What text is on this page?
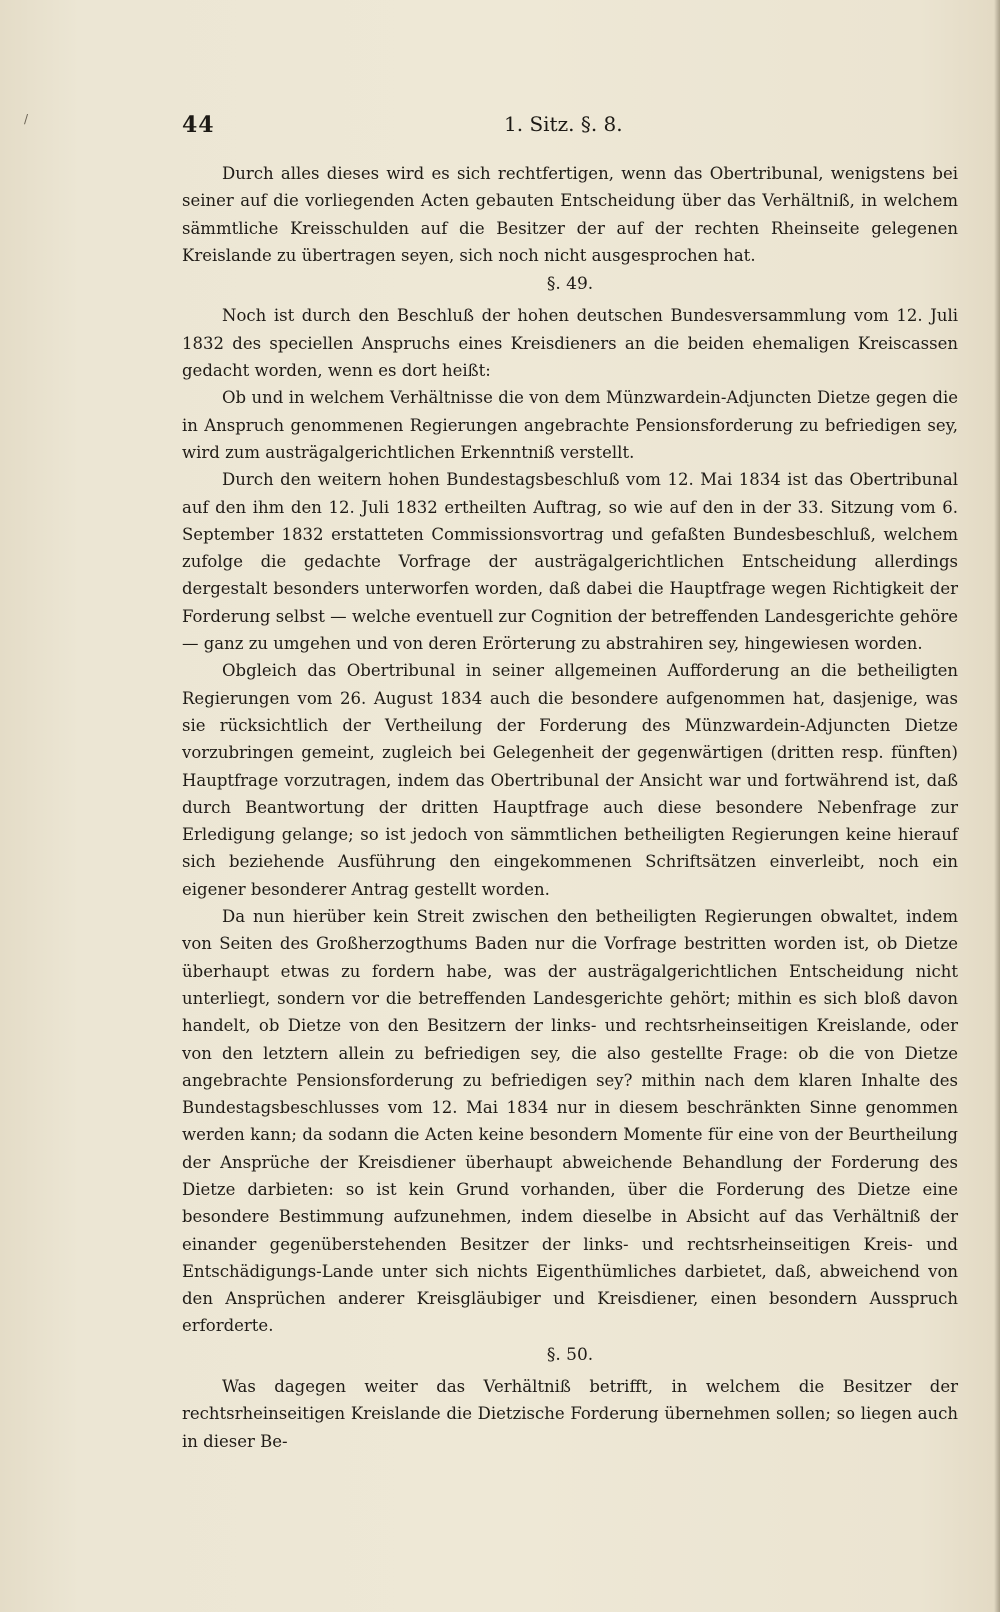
/	44	1. Sitz. §. 8.

Durch alles dieses wird es sich rechtfertigen, wenn das Obertribunal, wenigstens bei seiner auf die vorliegenden Acten gebauten Entscheidung über das Verhältniß, in welchem sämmtliche Kreisschulden auf die Besitzer der auf der rechten Rheinseite gelegenen Kreislande zu übertragen seyen, sich noch nicht ausgesprochen hat.

§. 49.

Noch ist durch den Beschluß der hohen deutschen Bundesversammlung vom 12. Juli 1832 des speciellen Anspruchs eines Kreisdieners an die beiden ehemaligen Kreiscassen gedacht worden, wenn es dort heißt:

Ob und in welchem Verhältnisse die von dem Münzwardein-Adjuncten Dietze gegen die in Anspruch genommenen Regierungen angebrachte Pensionsforderung zu befriedigen sey, wird zum austrägalgerichtlichen Erkenntniß verstellt.

Durch den weitern hohen Bundestagsbeschluß vom 12. Mai 1834 ist das Obertribunal auf den ihm den 12. Juli 1832 ertheilten Auftrag, so wie auf den in der 33. Sitzung vom 6. September 1832 erstatteten Commissionsvortrag und gefaßten Bundesbeschluß, welchem zufolge die gedachte Vorfrage der austrägalgerichtlichen Entscheidung allerdings dergestalt besonders unterworfen worden, daß dabei die Hauptfrage wegen Richtigkeit der Forderung selbst — welche eventuell zur Cognition der betreffenden Landesgerichte gehöre — ganz zu umgehen und von deren Erörterung zu abstrahiren sey, hingewiesen worden.

Obgleich das Obertribunal in seiner allgemeinen Aufforderung an die betheiligten Regierungen vom 26. August 1834 auch die besondere aufgenommen hat, dasjenige, was sie rücksichtlich der Vertheilung der Forderung des Münzwardein-Adjuncten Dietze vorzubringen gemeint, zugleich bei Gelegenheit der gegenwärtigen (dritten resp. fünften) Hauptfrage vorzutragen, indem das Obertribunal der Ansicht war und fortwährend ist, daß durch Beantwortung der dritten Hauptfrage auch diese besondere Nebenfrage zur Erledigung gelange; so ist jedoch von sämmtlichen betheiligten Regierungen keine hierauf sich beziehende Ausführung den eingekommenen Schriftsätzen einverleibt, noch ein eigener besonderer Antrag gestellt worden.

Da nun hierüber kein Streit zwischen den betheiligten Regierungen obwaltet, indem von Seiten des Großherzogthums Baden nur die Vorfrage bestritten worden ist, ob Dietze überhaupt etwas zu fordern habe, was der austrägalgerichtlichen Entscheidung nicht unterliegt, sondern vor die betreffenden Landesgerichte gehört; mithin es sich bloß davon handelt, ob Dietze von den Besitzern der links- und rechtsrheinseitigen Kreislande, oder von den letztern allein zu befriedigen sey, die also gestellte Frage: ob die von Dietze angebrachte Pensionsforderung zu befriedigen sey? mithin nach dem klaren Inhalte des Bundestagsbeschlusses vom 12. Mai 1834 nur in diesem beschränkten Sinne genommen werden kann; da sodann die Acten keine besondern Momente für eine von der Beurtheilung der Ansprüche der Kreisdiener überhaupt abweichende Behandlung der Forderung des Dietze darbieten: so ist kein Grund vorhanden, über die Forderung des Dietze eine besondere Bestimmung aufzunehmen, indem dieselbe in Absicht auf das Verhältniß der einander gegenüberstehenden Besitzer der links- und rechtsrheinseitigen Kreis- und Entschädigungs-Lande unter sich nichts Eigenthümliches darbietet, daß, abweichend von den Ansprüchen anderer Kreisgläubiger und Kreisdiener, einen besondern Ausspruch erforderte.

§. 50.

Was dagegen weiter das Verhältniß betrifft, in welchem die Besitzer der rechtsrheinseitigen Kreislande die Dietzische Forderung übernehmen sollen; so liegen auch in dieser Be-
